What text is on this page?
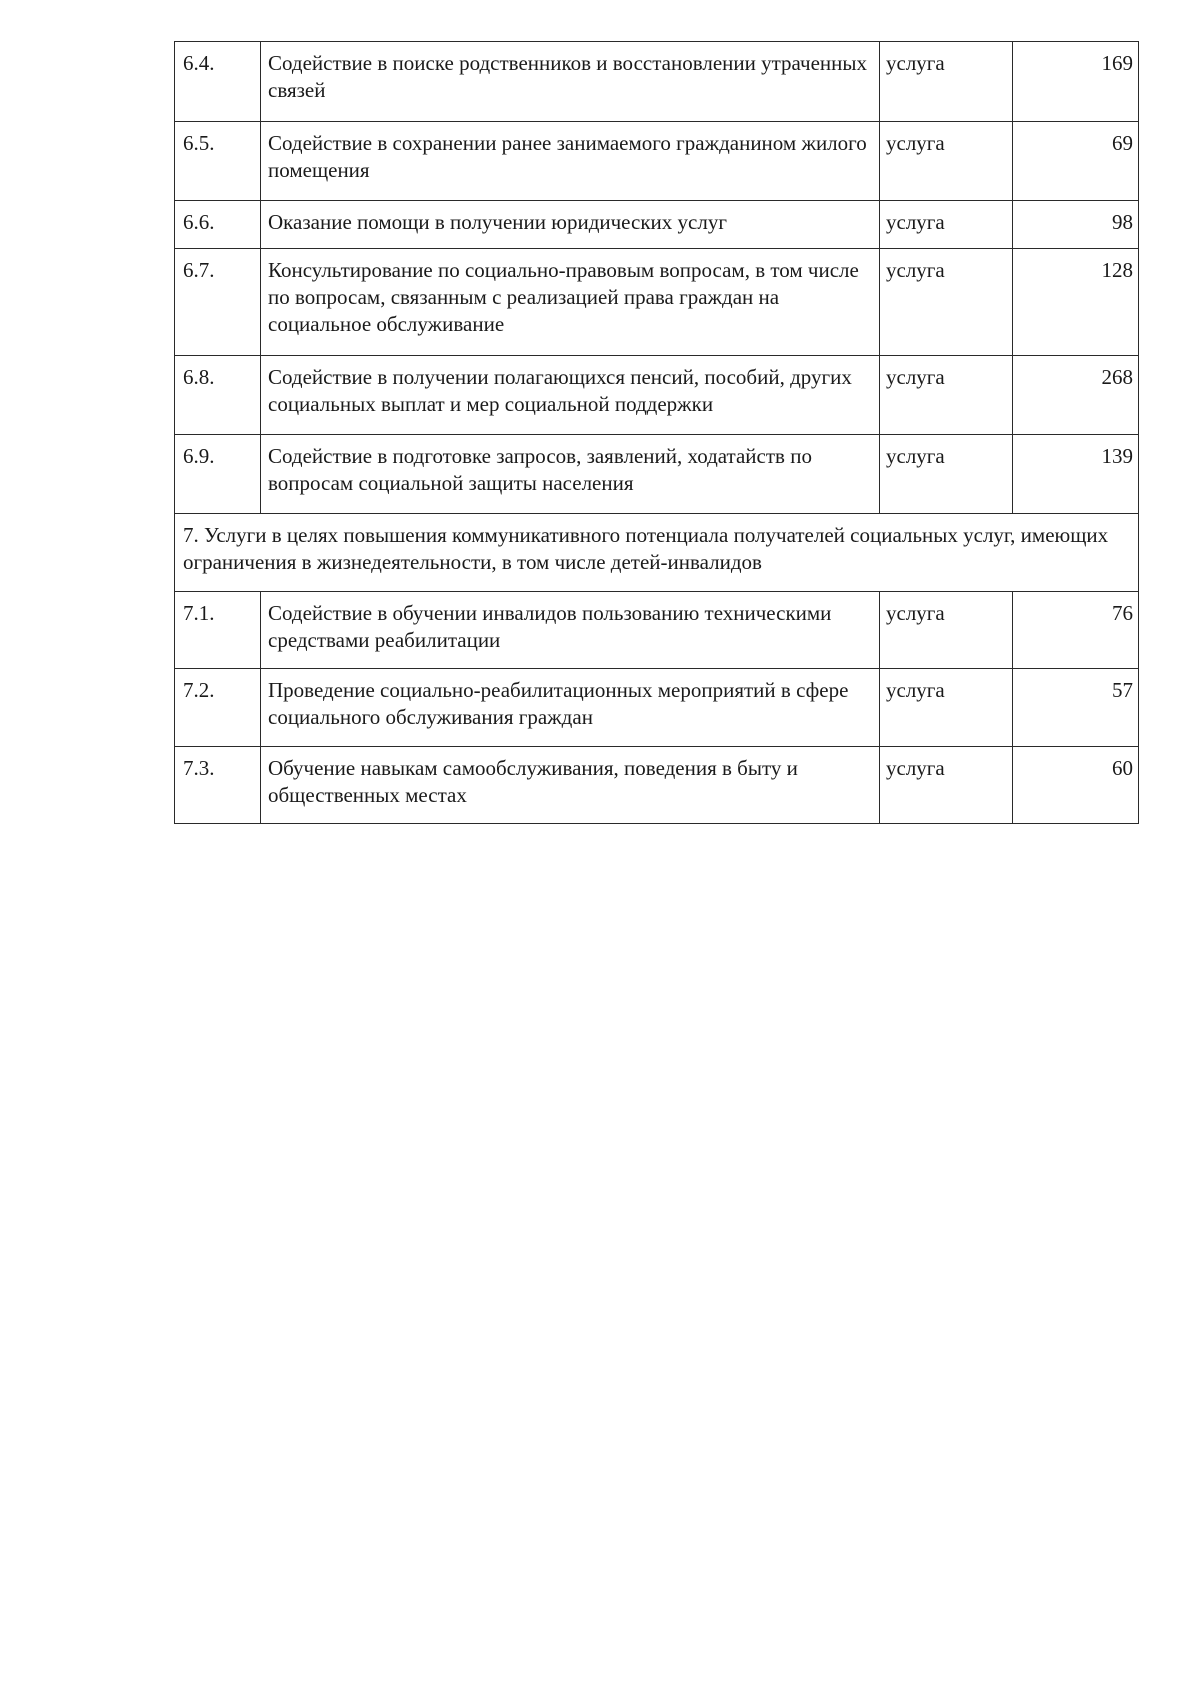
6.4.	Содействие в поиске родственников и восстановлении утраченных связей	услуга	169
6.5.	Содействие в сохранении ранее занимаемого гражданином жилого помещения	услуга	69
6.6.	Оказание помощи в получении юридических услуг	услуга	98
6.7.	Консультирование по социально-правовым вопросам, в том числе по вопросам, связанным с реализацией права граждан на социальное обслуживание	услуга	128
6.8.	Содействие в получении полагающихся пенсий, пособий, других социальных выплат и мер социальной поддержки	услуга	268
6.9.	Содействие в подготовке запросов, заявлений, ходатайств по вопросам социальной защиты населения	услуга	139
7. Услуги в целях повышения коммуникативного потенциала получателей социальных услуг, имеющих ограничения в жизнедеятельности, в том числе детей-инвалидов			
7.1.	Содействие в обучении инвалидов пользованию техническими средствами реабилитации	услуга	76
7.2.	Проведение социально-реабилитационных мероприятий в сфере социального обслуживания граждан	услуга	57
7.3.	Обучение навыкам самообслуживания, поведения в быту и общественных местах	услуга	60
